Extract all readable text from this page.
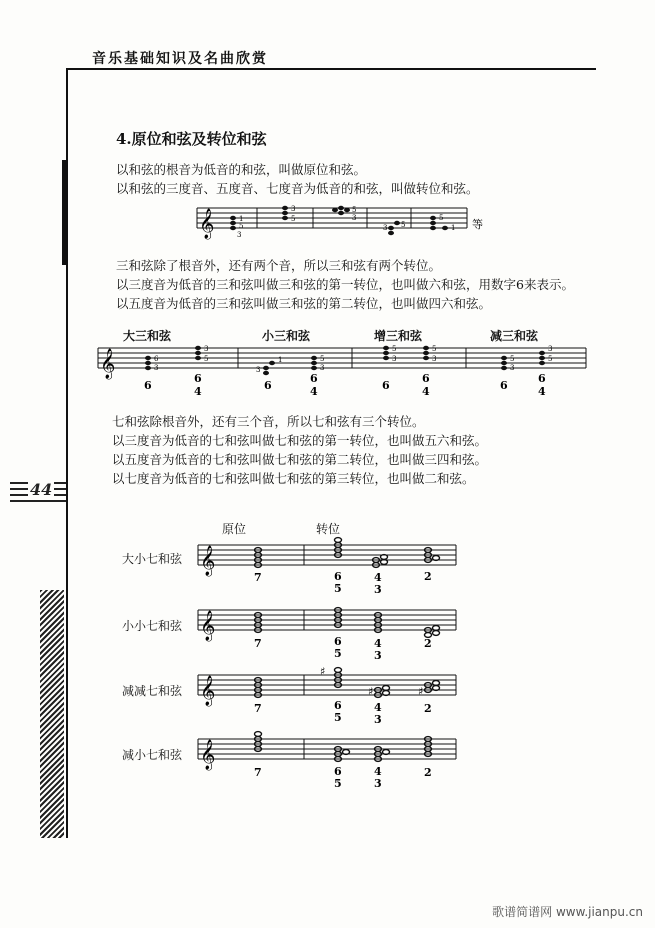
音乐基础知识及名曲欣赏
44
4.原位和弦及转位和弦
以和弦的根音为低音的和弦，叫做原位和弦。
以和弦的三度音、五度音、七度音为低音的和弦，叫做转位和弦。
𝄞	1
5
3
3
5
5
3
5
3
5
1 等
三和弦除了根音外，还有两个音，所以三和弦有两个转位。
以三度音为低音的三和弦叫做三和弦的第一转位，也叫做六和弦，用数字6来表示。
以五度音为低音的三和弦叫做三和弦的第二转位，也叫做四六和弦。
大三和弦	小三和弦	增三和弦	减三和弦
𝄞	6
3
3
5	1
3
5
3
5
3
5
3	5
3
3
5
6
6
4	6
6
4	6
6
4	6
6
4
七和弦除根音外，还有三个音，所以七和弦有三个转位。
以三度音为低音的七和弦叫做七和弦的第一转位，也叫做五六和弦。
以五度音为低音的七和弦叫做七和弦的第二转位，也叫做三四和弦。
以七度音为低音的七和弦叫做七和弦的第三转位，也叫做二和弦。
原位	转位
大小七和弦
小小七和弦
减减七和弦
减小七和弦
𝄞
𝄞
𝄞
𝄞
♯
♯	♯
7	6
5
4
3
2
7	6
5
4
3
2
7	6
5
4
3
2
7	6
5
4
3
2
歌谱简谱网 www.jianpu.cn
